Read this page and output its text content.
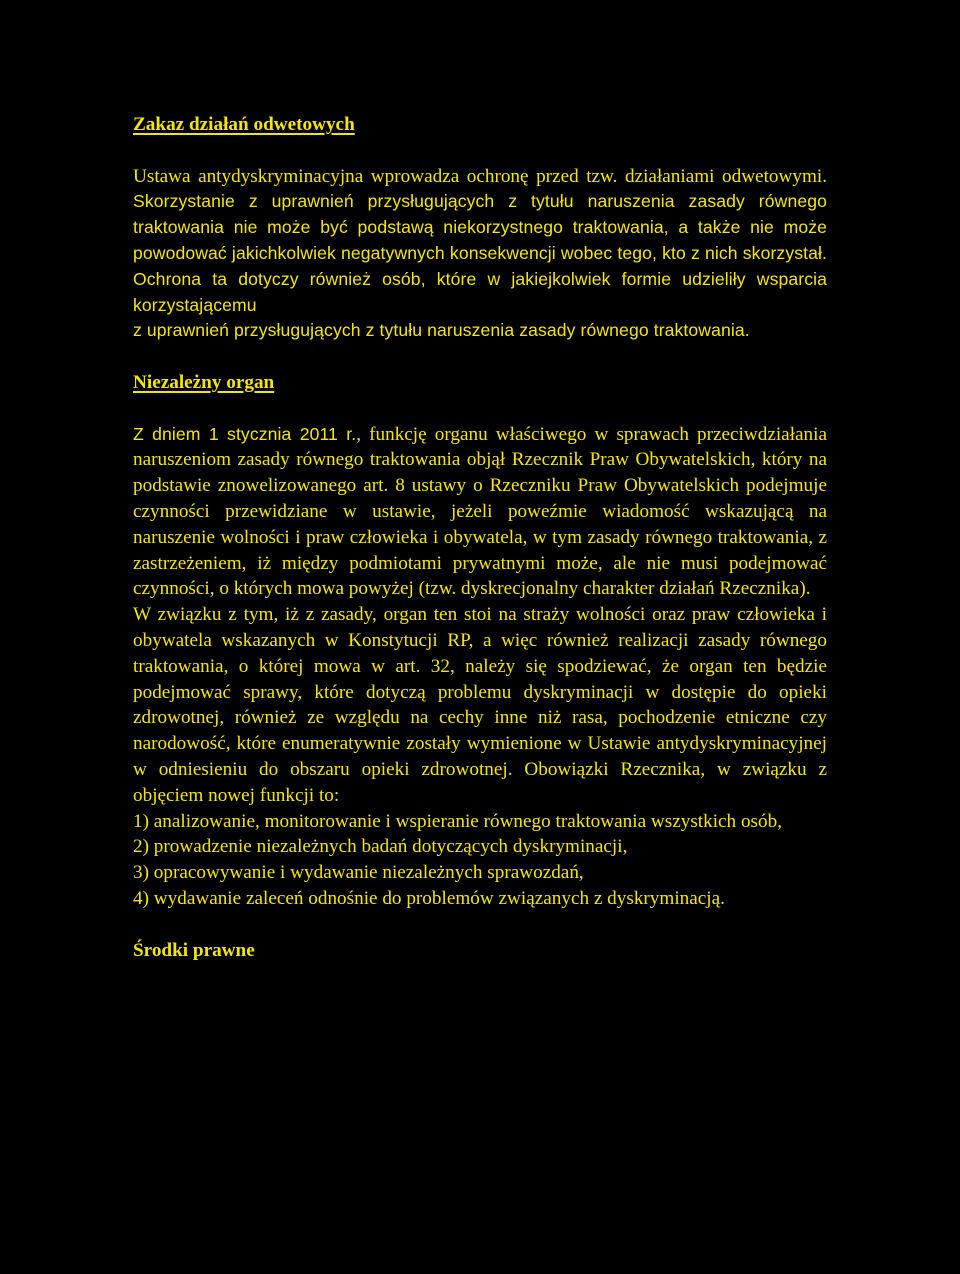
Zakaz działań odwetowych

Ustawa antydyskryminacyjna wprowadza ochronę przed tzw. działaniami odwetowymi. Skorzystanie z uprawnień przysługujących z tytułu naruszenia zasady równego traktowania nie może być podstawą niekorzystnego traktowania, a także nie może powodować jakichkolwiek negatywnych konsekwencji wobec tego, kto z nich skorzystał. Ochrona ta dotyczy również osób, które w jakiejkolwiek formie udzieliły wsparcia korzystającemu

z uprawnień przysługujących z tytułu naruszenia zasady równego traktowania.

Niezależny organ

Z dniem 1 stycznia 2011 r., funkcję organu właściwego w sprawach przeciwdziałania naruszeniom zasady równego traktowania objął Rzecznik Praw Obywatelskich, który na podstawie znowelizowanego art. 8 ustawy o Rzeczniku Praw Obywatelskich podejmuje czynności przewidziane w ustawie, jeżeli poweźmie wiadomość wskazującą na naruszenie wolności i praw człowieka i obywatela, w tym zasady równego traktowania, z zastrzeżeniem, iż między podmiotami prywatnymi może, ale nie musi podejmować czynności, o których mowa powyżej (tzw. dyskrecjonalny charakter działań Rzecznika).

W związku z tym, iż z zasady, organ ten stoi na straży wolności oraz praw człowieka i obywatela wskazanych w Konstytucji RP, a więc również realizacji zasady równego traktowania, o której mowa w art. 32, należy się spodziewać, że organ ten będzie podejmować sprawy, które dotyczą problemu dyskryminacji w dostępie do opieki zdrowotnej, również ze względu na cechy inne niż rasa, pochodzenie etniczne czy narodowość, które enumeratywnie zostały wymienione w Ustawie antydyskryminacyjnej w odniesieniu do obszaru opieki zdrowotnej. Obowiązki Rzecznika, w związku z objęciem nowej funkcji to:

1) analizowanie, monitorowanie i wspieranie równego traktowania wszystkich osób,

2) prowadzenie niezależnych badań dotyczących dyskryminacji,

3) opracowywanie i wydawanie niezależnych sprawozdań,

4) wydawanie zaleceń odnośnie do problemów związanych z dyskryminacją.

Środki prawne
